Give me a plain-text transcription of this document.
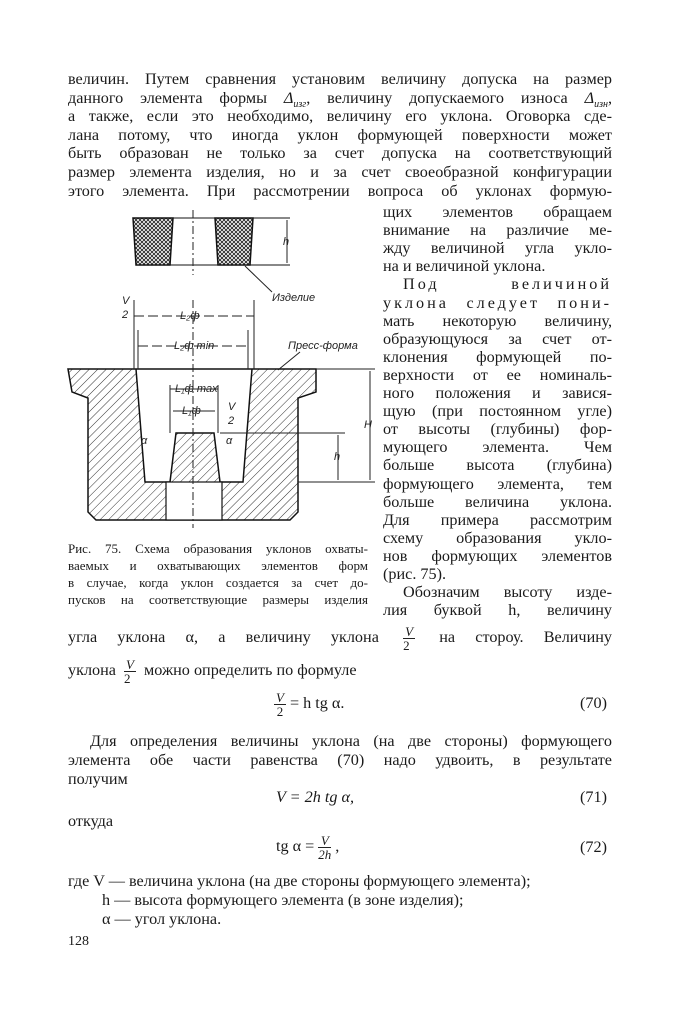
величин. Путем сравнения установим величину допуска на размер
а также, если это необходимо, величину его уклона. Оговорка сде-
лана потому, что иногда уклон формующей поверхности может
быть образован не только за счет допуска на соответствующий
размер элемента изделия, но и за счет своеобразной конфигурации
этого элемента. При рассмотрении вопроса об уклонах формую-
данного элемента формы $\Delta_{изг}$, величину допускаемого износа $\Delta_{изн}$,
h
Изделие
L₂ф
L₂ф min
V
2
L₁ф max
L₁ф V
2
α	α
H
h
Пресс-форма
щих элементов обращаем
внимание на различие ме-
жду величиной угла укло-
на и величиной уклона.
Под величиной
уклона следует пони-
мать некоторую величину,
образующуюся за счет от-
клонения формующей по-
верхности от ее номиналь-
ного положения и завися-
щую (при постоянном угле)
от высоты (глубины) фор-
мующего элемента. Чем
больше высота (глубина)
формующего элемента, тем
больше величина уклона.
Для примера рассмотрим
схему образования укло-
нов формующих элементов
(рис. 75).
Обозначим высоту изде-
лия буквой h, величину
Рис. 75. Схема образования уклонов охваты-
ваемых и охватывающих элементов форм
в случае, когда уклон создается за счет до-
пусков на соответствующие размеры изделия
угла уклона α, а величину уклона $\frac{V}{2}$ на стороу. Величину
уклона $\frac{V}{2}$ можно определить по формуле
$\frac{V}{2} = h$ tg α.	(70)
Для определения величины уклона (на две стороны) формующего
элемента обе части равенства (70) надо удвоить, в результате
получим
V = 2h tg α,	(71)
откуда
tg $\alpha = \frac{V}{2h}$ ,	(72)
где V — величина уклона (на две стороны формующего элемента);
h — высота формующего элемента (в зоне изделия);
α — угол уклона.
128
